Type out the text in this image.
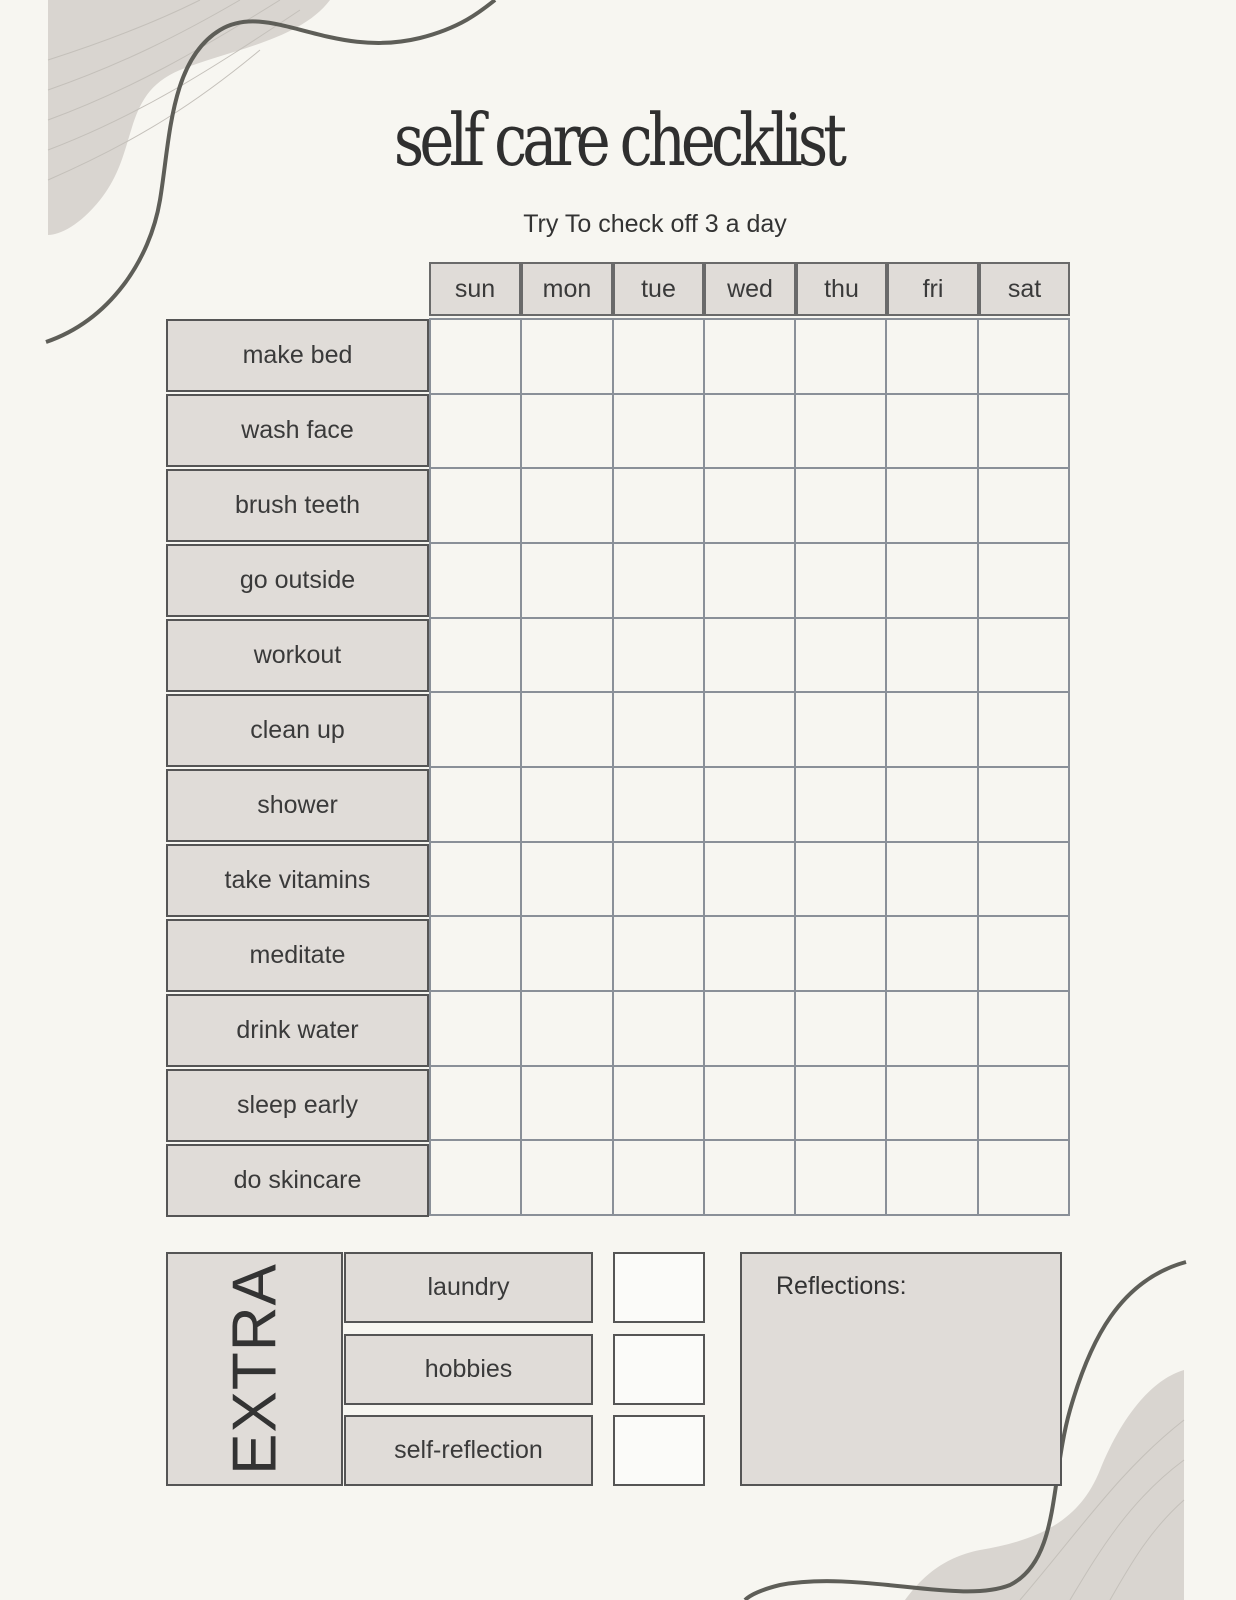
self care checklist
Try To check off 3 a day
sun	mon	tue	wed	thu	fri	sat
make bed
wash face
brush teeth
go outside
workout
clean up
shower
take vitamins
meditate
drink water
sleep early
do skincare
EXTRA	laundry
hobbies
self-reflection
Reflections:
